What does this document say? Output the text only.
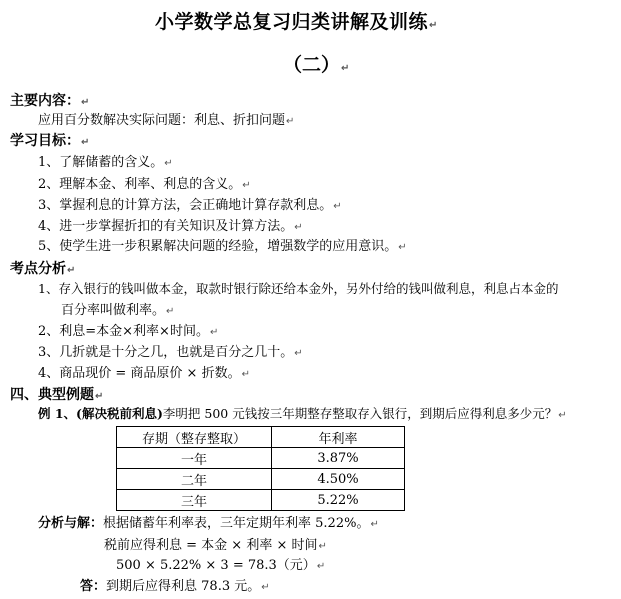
小学数学总复习归类讲解及训练↵
（二）↵
主要内容：↵
应用百分数解决实际问题：利息、折扣问题↵
学习目标：↵
1、了解储蓄的含义。↵
2、理解本金、利率、利息的含义。↵
3、掌握利息的计算方法，会正确地计算存款利息。↵
4、进一步掌握折扣的有关知识及计算方法。↵
5、使学生进一步积累解决问题的经验，增强数学的应用意识。↵
考点分析↵
1、存入银行的钱叫做本金，取款时银行除还给本金外，另外付给的钱叫做利息，利息占本金的
百分率叫做利率。↵
2、利息=本金×利率×时间。↵
3、几折就是十分之几，也就是百分之几十。↵
4、商品现价 = 商品原价 × 折数。↵
四、典型例题↵
例 1、(解决税前利息)李明把 500 元钱按三年期整存整取存入银行，到期后应得利息多少元？↵
存期（整存整取）	年利率
一年	3.87%
二年	4.50%
三年	5.22%
分析与解：根据储蓄年利率表，三年定期年利率 5.22%。↵
税前应得利息 = 本金 × 利率 × 时间↵
500 × 5.22% × 3 = 78.3（元）↵
答：到期后应得利息 78.3 元。↵
